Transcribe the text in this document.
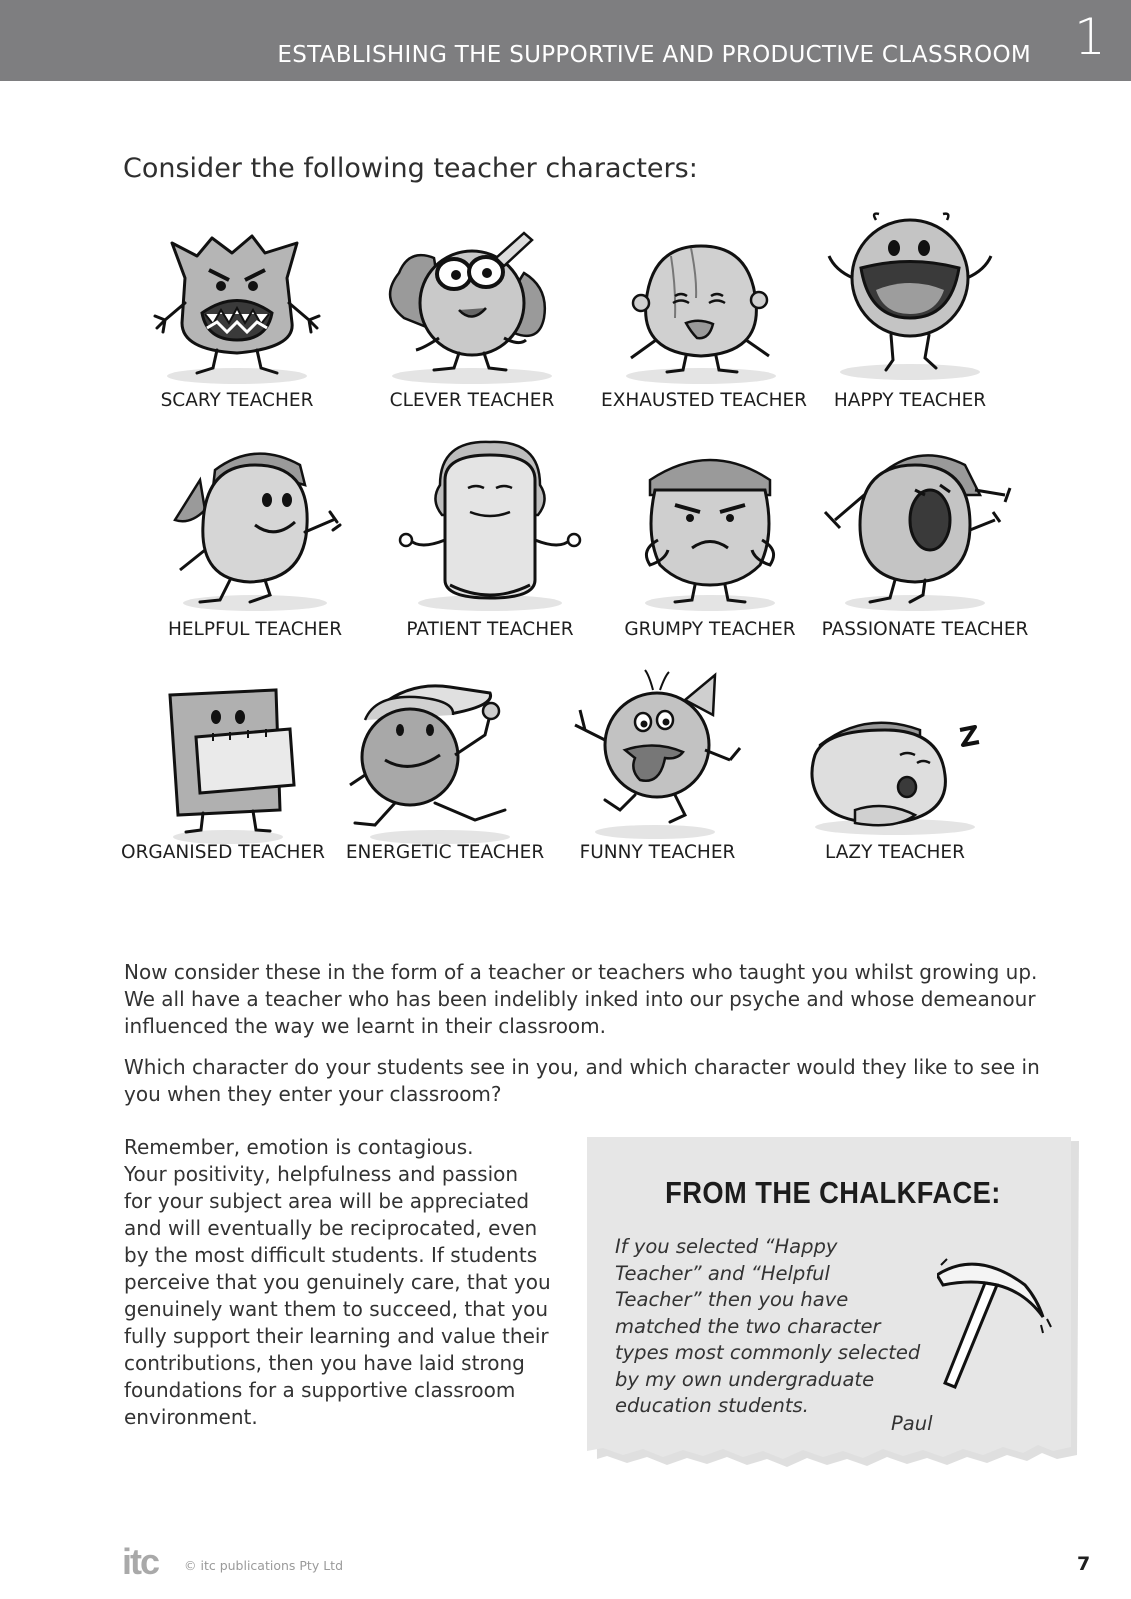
ESTABLISHING THE SUPPORTIVE AND PRODUCTIVE CLASSROOM 1
Consider the following teacher characters:
SCARY TEACHER	CLEVER TEACHER	EXHAUSTED TEACHER	HAPPY TEACHER
HELPFUL TEACHER	PATIENT TEACHER	GRUMPY TEACHER	PASSIONATE TEACHER
ORGANISED TEACHER ENERGETIC TEACHER	FUNNY TEACHER	LAZY TEACHER

Now consider these in the form of a teacher or teachers who taught you whilst growing up.
We all have a teacher who has been indelibly inked into our psyche and whose demeanour
influenced the way we learnt in their classroom.

Which character do your students see in you, and which character would they like to see in
you when they enter your classroom?

Remember, emotion is contagious.
Your positivity, helpfulness and passion
for your subject area will be appreciated
and will eventually be reciprocated, even
by the most difficult students. If students
perceive that you genuinely care, that you
genuinely want them to succeed, that you
fully support their learning and value their
contributions, then you have laid strong
foundations for a supportive classroom
environment.

FROM THE CHALKFACE:

If you selected “Happy
Teacher” and “Helpful
Teacher” then you have
matched the two character
types most commonly selected
by my own undergraduate
education students.

Paul
itc © itc publications Pty Ltd	7
